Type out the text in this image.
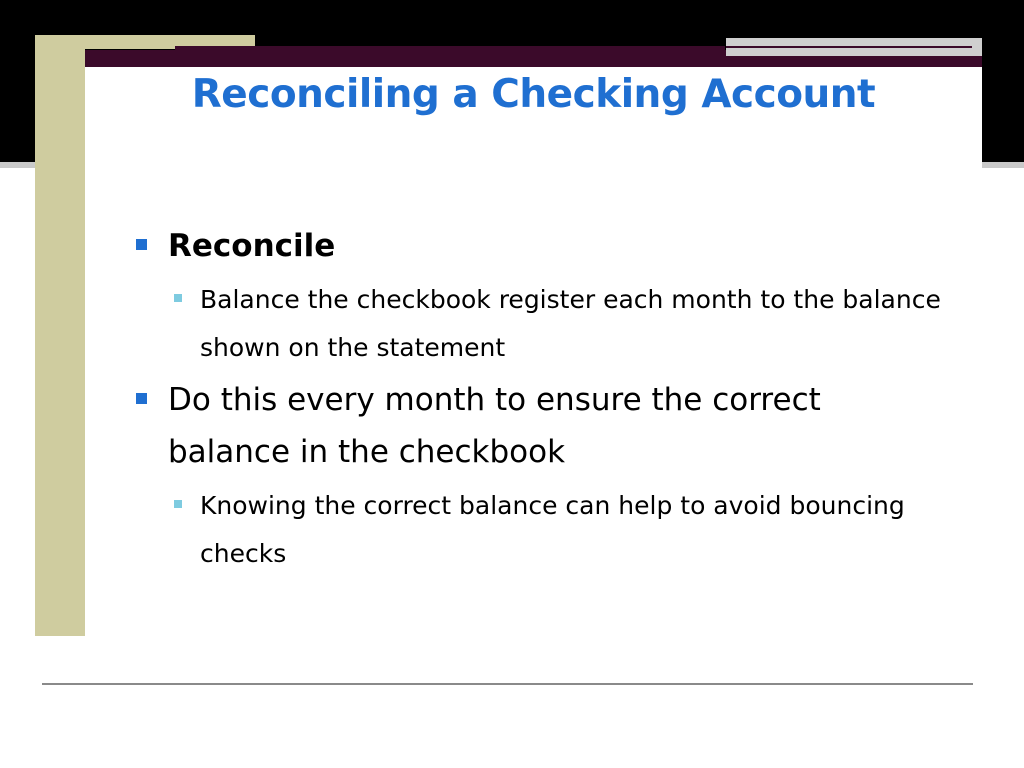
Reconciling a Checking Account
Reconcile
Balance the checkbook register each month to the balance shown on the statement
Do this every month to ensure the correct balance in the checkbook
Knowing the correct balance can help to avoid bouncing checks
